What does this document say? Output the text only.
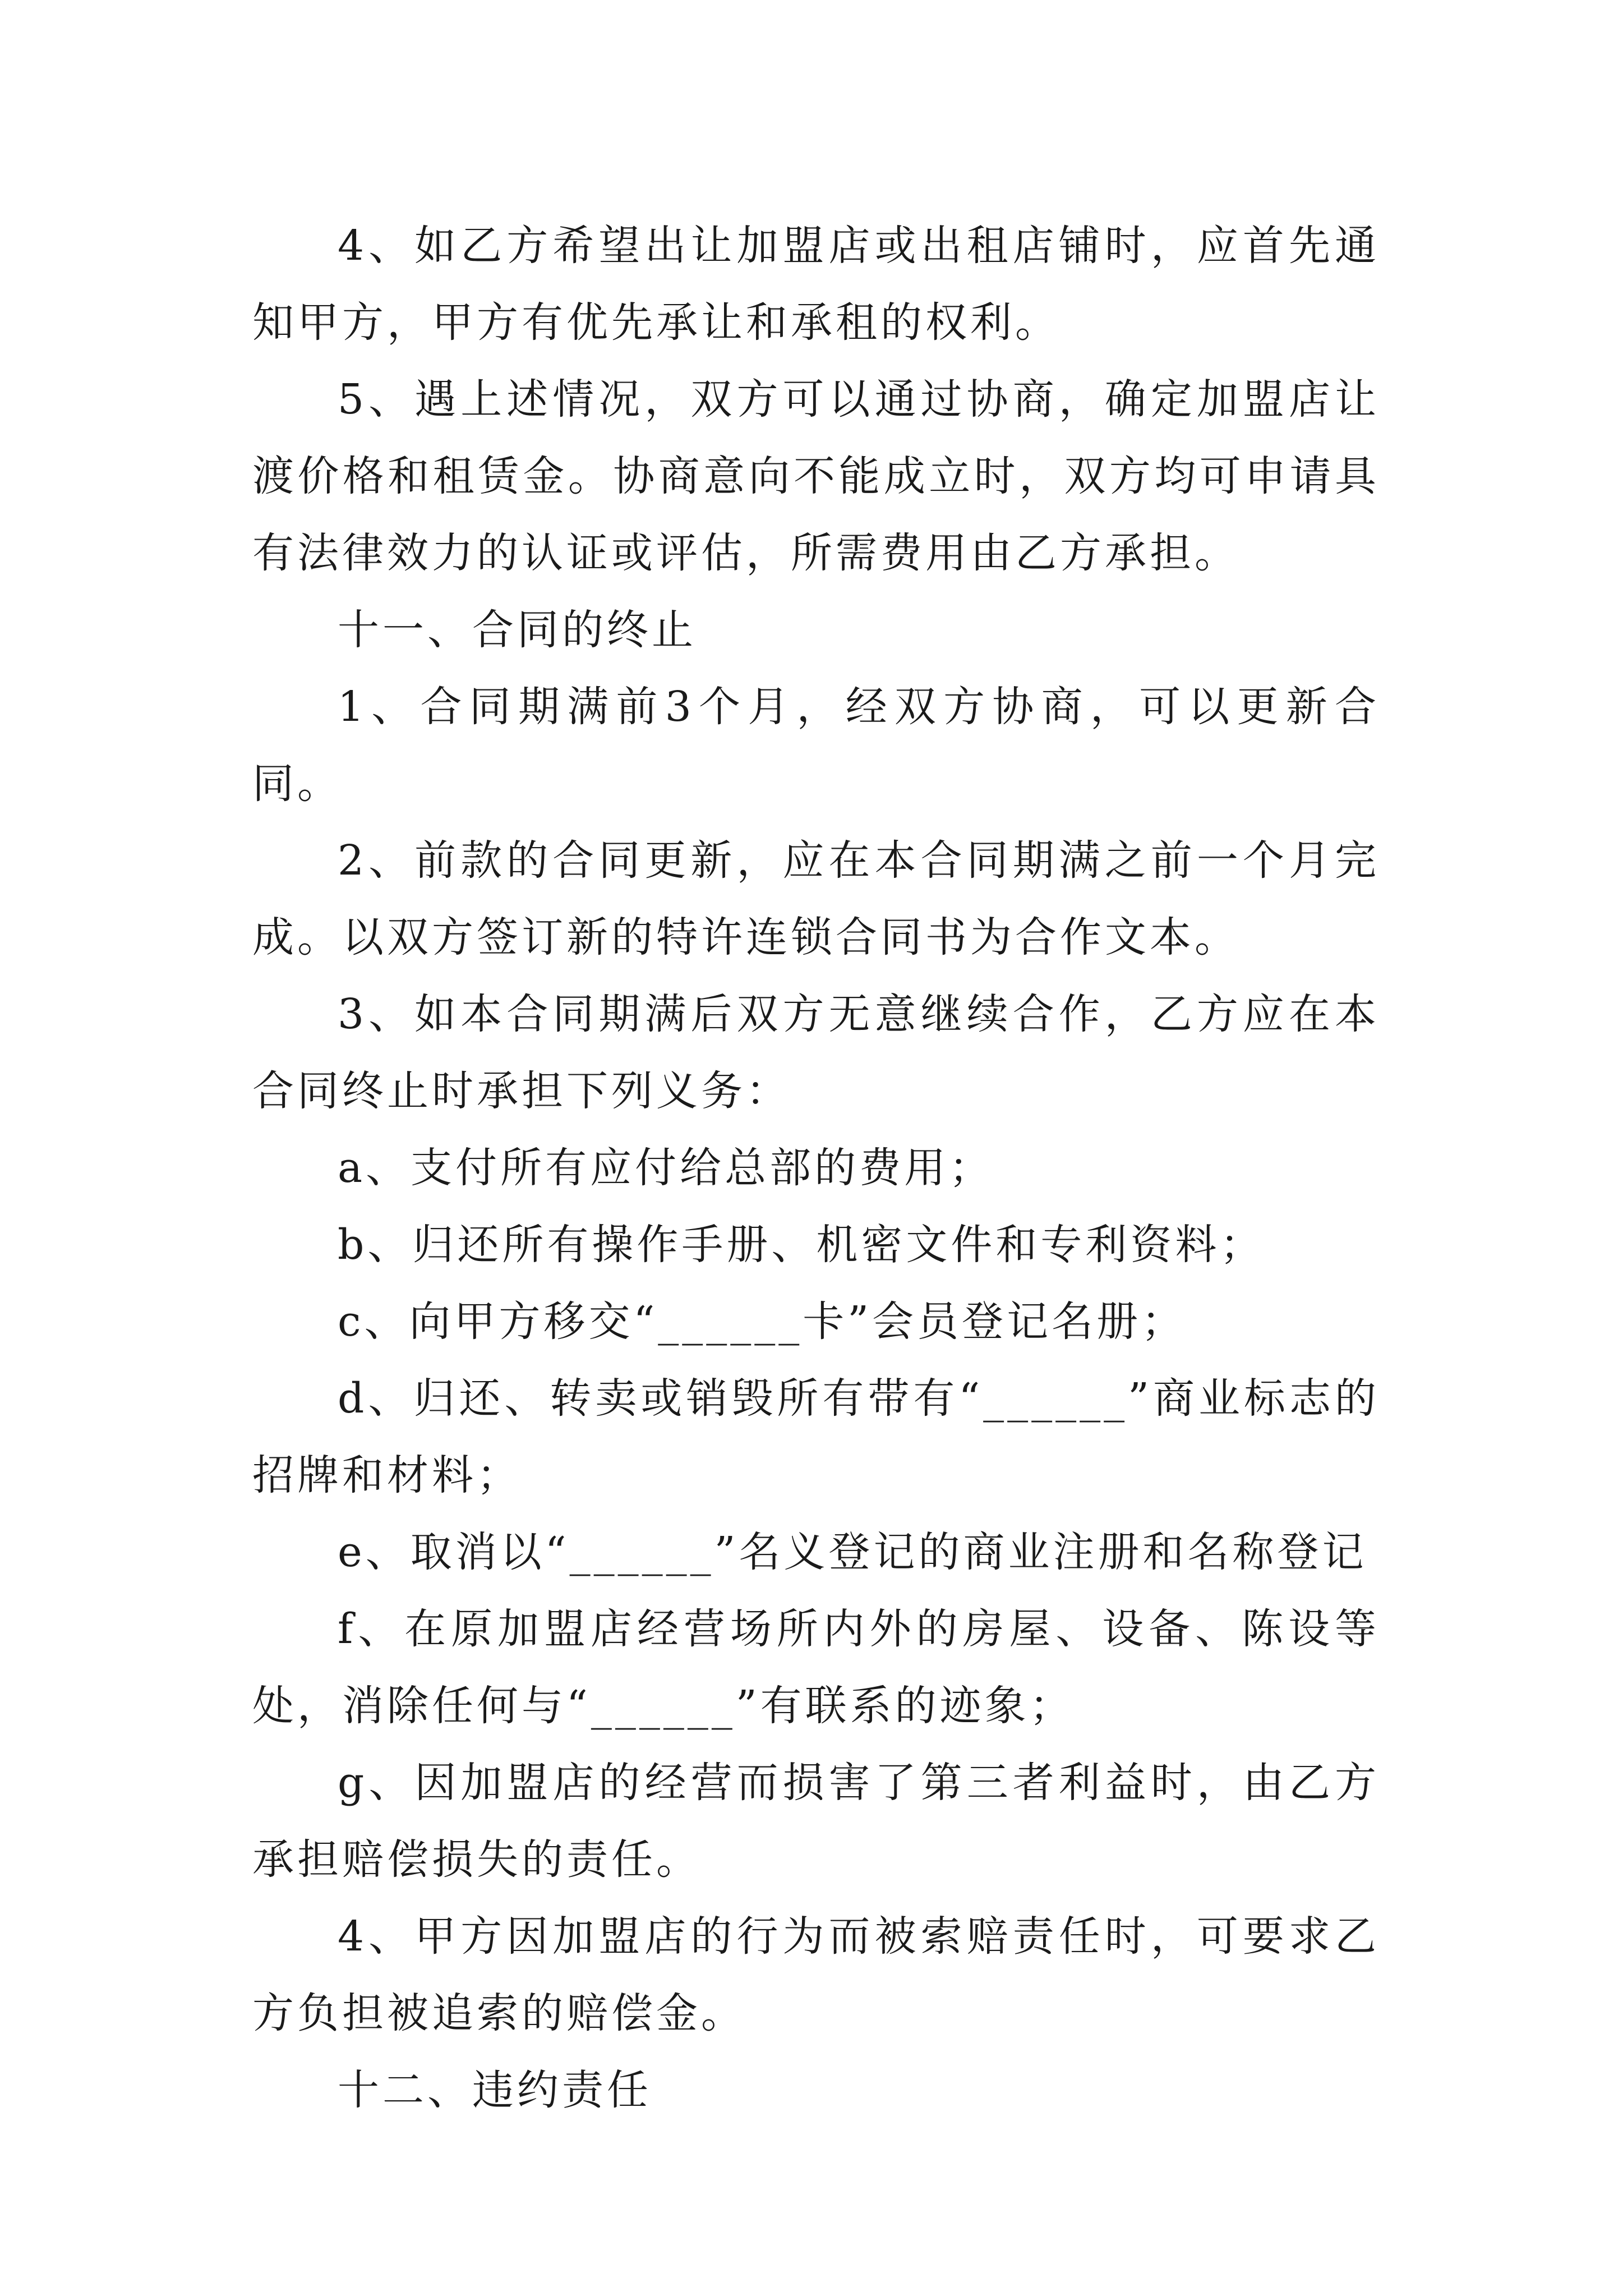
4、如乙方希望出让加盟店或出租店铺时，应首先通知甲方，甲方有优先承让和承租的权利。

5、遇上述情况，双方可以通过协商，确定加盟店让渡价格和租赁金。协商意向不能成立时，双方均可申请具有法律效力的认证或评估，所需费用由乙方承担。

十一、合同的终止

1、合同期满前3个月，经双方协商，可以更新合同。

2、前款的合同更新，应在本合同期满之前一个月完成。以双方签订新的特许连锁合同书为合作文本。

3、如本合同期满后双方无意继续合作，乙方应在本合同终止时承担下列义务：

a、支付所有应付给总部的费用；

b、归还所有操作手册、机密文件和专利资料；

c、向甲方移交“______卡”会员登记名册；

d、归还、转卖或销毁所有带有“______”商业标志的招牌和材料；

e、取消以“______”名义登记的商业注册和名称登记

f、在原加盟店经营场所内外的房屋、设备、陈设等处，消除任何与“______”有联系的迹象；

g、因加盟店的经营而损害了第三者利益时，由乙方承担赔偿损失的责任。

4、甲方因加盟店的行为而被索赔责任时，可要求乙方负担被追索的赔偿金。

十二、违约责任
